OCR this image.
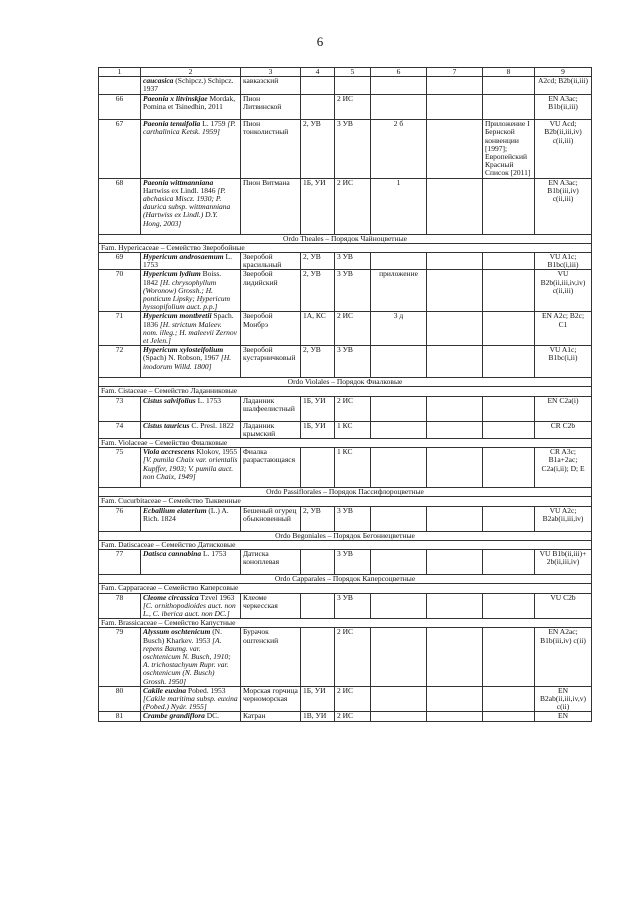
6
1	2	3	4	5	6	7	8	9
	caucasica (Schipcz.) Schipcz. 1937	кавказский						A2cd; B2b(ii,iii)
66	Paeonia x litvinskjae Mordak, Pomina et Tsinedhin, 2011	Пион Литвинской		2 ИС				EN A3ac; B1b(ii,iii)
67	Paeonia tenuifolia L. 1759 [P. carthalinica Ketsk. 1959]	Пион тонколистный	2, УВ	3 УВ	2 б		Приложение I Бернской конвенции [1997]; Европейский Красный Список [2011]	VU Acd; B2b(ii,iii,iv) c(ii,iii)
68	Paeonia wittmanniana Hartwiss ex Lindl. 1846 [P. abchasica Miscz. 1930; P. daurica subsp. wittmanniana (Hartwiss ex Lindl.) D.Y. Hong, 2003]	Пион Витмана	1Б, УИ	2 ИС	1			EN A3ac; B1b(iii,iv) c(ii,iii)
Ordo Theales – Порядок Чайноцветные								
Fam. Hypericaceae – Семейство Зверобойные								
69	Hypericum androsaemum L. 1753	Зверобой красильный	2, УВ	3 УВ				VU A1c; B1bc(i,iii)
70	Hypericum lydium Boiss. 1842 [H. chrysophyllum (Woronow) Grossh.; H. ponticum Lipsky; Hypericum hyssopifolium auct. p.p.]	Зверобой лидийский	2, УВ	3 УВ	приложение			VU B2b(ii,iii,iv,iv) c(ii,iii)
71	Hypericum montbretii Spach. 1836 [H. strictum Maleev. nom. illeg.; H. maleevii Zernov et Jelen.]	Зверобой Монбрэ	1А, КС	2 ИС	3 д			EN A2c; B2c; C1
72	Hypericum xylosteifolium (Spach) N. Robson, 1967 [H. inodorum Willd. 1800]	Зверобой кустарничковый	2, УВ	3 УВ				VU A1c; B1bc(i,ii)
Ordo Violales – Порядок Фиалковые								
Fam. Cistaceae – Семейство Ладанниковые								
73	Cistus salvifolius L. 1753	Ладанник шалфеелистный	1Б, УИ	2 ИС				EN C2a(i)
74	Cistus tauricus C. Presl. 1822	Ладанник крымский	1Б, УИ	1 КС				CR C2b
Fam. Violaceae – Семейство Фиалковые								
75	Viola accrescens Klokov, 1955 [V. pumila Chaix var. orientalis Kupffer, 1903; V. pumila auct. non Chaix, 1949]	Фиалка разрастающаяся		1 КС				CR A3c; B1a+2ac; C2a(i,ii); D; E
Ordo Passiflorales – Порядок Пассифлороцветные								
Fam. Cucurbitaceae – Семейство Тыквенные								
76	Ecballium elaterium (L.) A. Rich. 1824	Бешеный огурец обыкновенный	2, УВ	3 УВ				VU A2c; B2ab(ii,iii,iv)
Ordo Begoniales – Порядок Бегониецветные								
Fam. Datiscaceae – Семейство Датисковые								
77	Datisca cannabina L. 1753	Датиска коноплевая		3 УВ				VU B1b(ii,iii)+ 2b(ii,iii,iv)
Ordo Capparales – Порядок Каперсоцветные								
Fam. Capparaceae – Семейство Каперсовые								
78	Cleome circassica Tzvel 1963 [C. ornithopodioides auct. non L., C. iberica auct. non DC.]	Клеоме черкесская		3 УВ				VU C2b
Fam. Brassicaceae – Семейство Капустные								
79	Alyssum oschtenicum (N. Busch) Kharkev. 1953 [A. repens Baumg. var. oschtenicum N. Busch, 1910; A. trichostachyum Rupr. var. oschtenicum (N. Busch) Grossh. 1950]	Бурачок оштенский		2 ИС				EN A2ac; B1b(iii,iv) c(ii)
80	Cakile euxina Pobed. 1953 [Cakile maritima subsp. euxina (Pobed.) Nyár. 1955]	Морская горчица черноморская	1Б, УИ	2 ИС				EN B2ab(ii,iii,iv,v) c(ii)
81	Crambe grandiflora DC.	Катран	1В, УИ	2 ИС				EN
